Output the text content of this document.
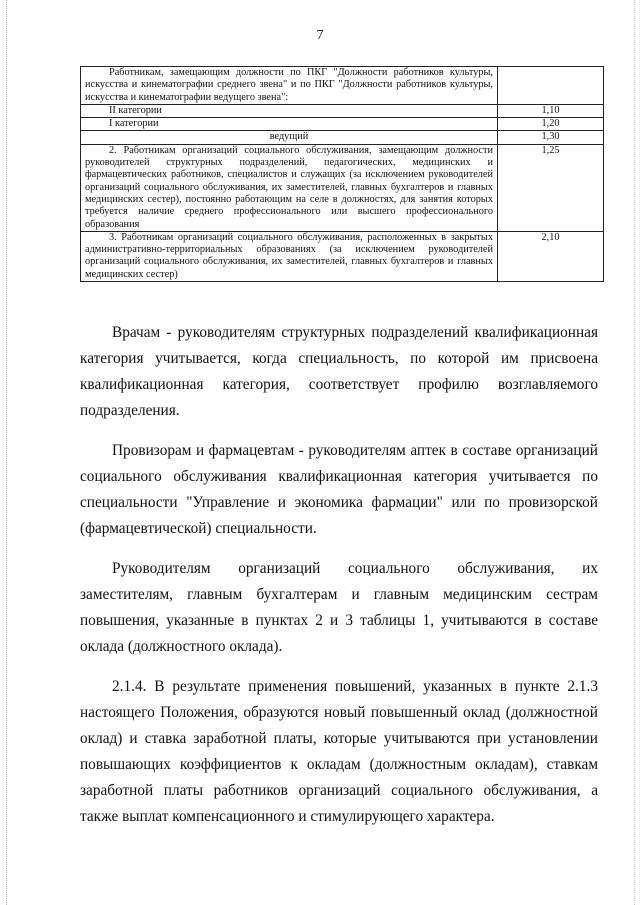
7
Работникам, замещающим должности по ПКГ "Должности работников культуры, искусства и кинематографии среднего звена" и по ПКГ "Должности работников культуры, искусства и кинематографии ведущего звена":	
II категории	1,10
I категории	1,20
ведущий	1,30
2. Работникам организаций социального обслуживания, замещающим должности руководителей структурных подразделений, педагогических, медицинских и фармацевтических работников, специалистов и служащих (за исключением руководителей организаций социального обслуживания, их заместителей, главных бухгалтеров и главных медицинских сестер), постоянно работающим на селе в должностях, для занятия которых требуется наличие среднего профессионального или высшего профессионального образования	1,25
3. Работникам организаций социального обслуживания, расположенных в закрытых административно-территориальных образованиях (за исключением руководителей организаций социального обслуживания, их заместителей, главных бухгалтеров и главных медицинских сестер)	2,10

Врачам - руководителям структурных подразделений квалификационная категория учитывается, когда специальность, по которой им присвоена квалификационная категория, соответствует профилю возглавляемого подразделения.

Провизорам и фармацевтам - руководителям аптек в составе организаций социального обслуживания квалификационная категория учитывается по специальности "Управление и экономика фармации" или по провизорской (фармацевтической) специальности.

Руководителям организаций социального обслуживания, их заместителям, главным бухгалтерам и главным медицинским сестрам повышения, указанные в пунктах 2 и 3 таблицы 1, учитываются в составе оклада (должностного оклада).

2.1.4. В результате применения повышений, указанных в пункте 2.1.3 настоящего Положения, образуются новый повышенный оклад (должностной оклад) и ставка заработной платы, которые учитываются при установлении повышающих коэффициентов к окладам (должностным окладам), ставкам заработной платы работников организаций социального обслуживания, а также выплат компенсационного и стимулирующего характера.
